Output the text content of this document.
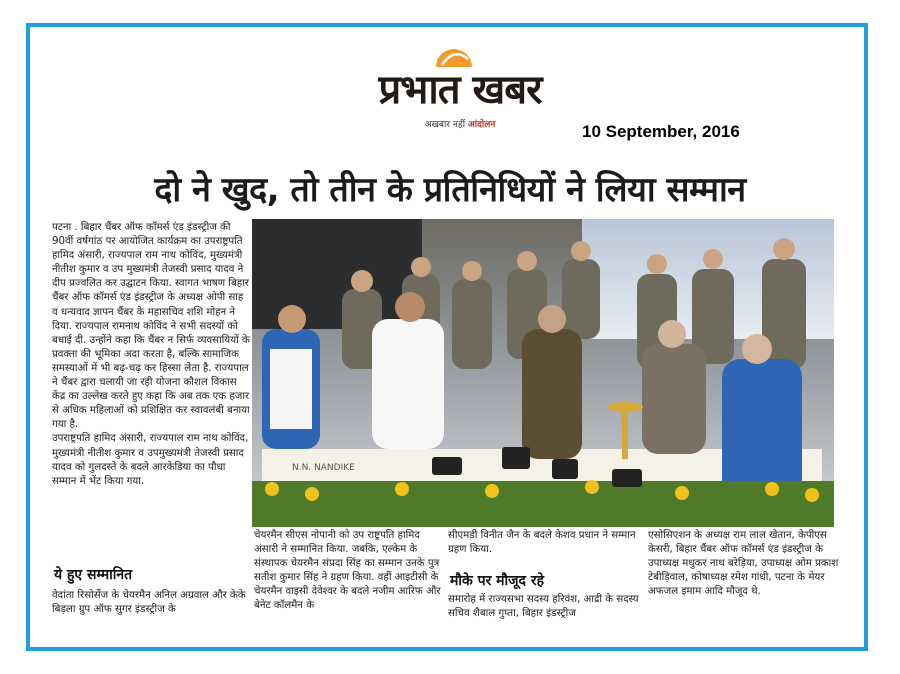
प्रभात खबर
अखबार नहीं आंदोलन	10 September, 2016
दो ने खुद, तो तीन के प्रतिनिधियों ने लिया सम्मान

पटना . बिहार चैंबर ऑफ कॉमर्स एंड इंडस्ट्रीज की 90वीं वर्षगांठ पर आयोजित कार्यक्रम का उपराष्ट्रपति हामिद अंसारी, राज्यपाल राम नाथ कोविंद, मुख्यमंत्री नीतीश कुमार व उप मुख्यमंत्री तेजस्वी प्रसाद यादव ने दीप प्रज्वलित कर उद्घाटन किया. स्वागत भाषण बिहार चैंबर ऑफ कॉमर्स एंड इंडस्ट्रीज के अध्यक्ष ओपी साह व धन्यवाद ज्ञापन चैंबर के महासचिव शशि मोहन ने दिया. राज्यपाल रामनाथ कोविंद ने सभी सदस्यों को बधाई दी. उन्होंने कहा कि चैंबर न सिर्फ व्यवसायियों के प्रवक्ता की भूमिका अदा करता है, बल्कि सामाजिक समस्याओं में भी बढ़-चढ़ कर हिस्सा लेता है. राज्यपाल ने चैंबर द्वारा चलायी जा रही योजना कौशल विकास केंद्र का उल्लेख करते हुए कहा कि अब तक एक हजार से अधिक महिलाओं को प्रशिक्षित कर स्वावलंबी बनाया गया है.

उपराष्ट्रपति हामिद अंसारी, राज्यपाल राम नाथ कोविंद, मुख्यमंत्री नीतीश कुमार व उपमुख्यमंत्री तेजस्वी प्रसाद यादव को गुलदस्ते के बदले आरकेडिया का पौधा सम्मान में भेंट किया गया.

ये हुए सम्मानित
वेदांता रिसोर्सेज के चेयरमैन अनिल अग्रवाल और केके बिड़ला ग्रुप ऑफ सुगर इंडस्ट्रीज के
N.N. NANDIKE
चेयरमैन सीएस नोपानी को उप राष्ट्रपति हामिद अंसारी ने सम्मानित किया. जबकि, एल्केम के संस्थापक चेयरमैन संप्रदा सिंह का सम्मान उनके पुत्र सतीश कुमार सिंह ने ग्रहण किया. वहीं आइटीसी के चेयरमैन वाइसी देवेश्वर के बदले नजीम आरिफ और बेनेट कॉलमैन के
सीएमडी विनीत जैन के बदले केशव प्रधान ने सम्मान ग्रहण किया.
मौके पर मौजूद रहे
समारोह में राज्यसभा सदस्य हरिवंश, आद्री के सदस्य सचिव शैबाल गुप्ता, बिहार इंडस्ट्रीज
एसोसिएशन के अध्यक्ष राम लाल खेतान, केपीएस केसरी, बिहार चैंबर ऑफ कॉमर्स एंड इंडस्ट्रीज के उपाध्यक्ष मधुकर नाथ बरेड़िया, उपाध्यक्ष ओम प्रकाश टेबीड़िवाल, कोषाध्यक्ष रमेश गांधी, पटना के मेयर अफजल इमाम आदि मौजूद थे.
